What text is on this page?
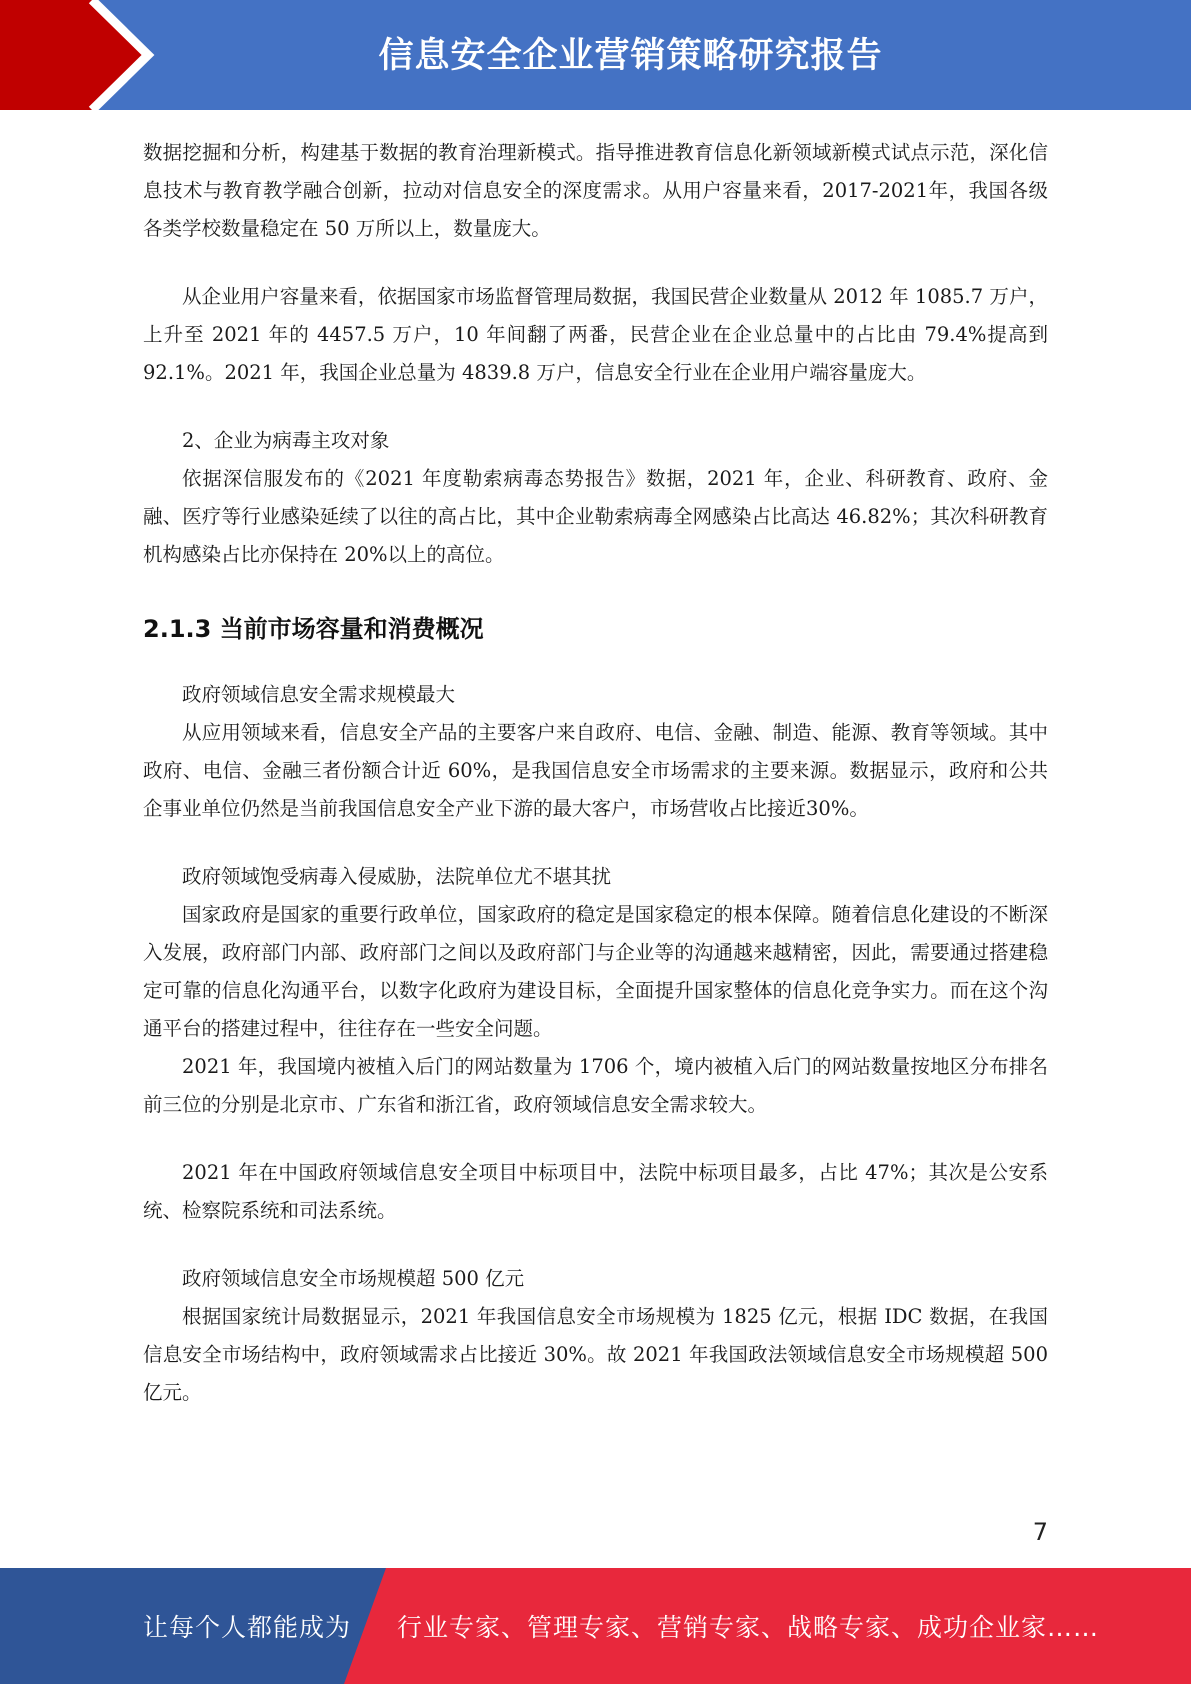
信息安全企业营销策略研究报告

数据挖掘和分析，构建基于数据的教育治理新模式。指导推进教育信息化新领域新模式试点示范，深化信息技术与教育教学融合创新，拉动对信息安全的深度需求。从用户容量来看，2017-2021年，我国各级各类学校数量稳定在 50 万所以上，数量庞大。

从企业用户容量来看，依据国家市场监督管理局数据，我国民营企业数量从 2012 年 1085.7 万户，上升至 2021 年的 4457.5 万户，10 年间翻了两番，民营企业在企业总量中的占比由 79.4%提高到 92.1%。2021 年，我国企业总量为 4839.8 万户，信息安全行业在企业用户端容量庞大。

2、企业为病毒主攻对象

依据深信服发布的《2021 年度勒索病毒态势报告》数据，2021 年，企业、科研教育、政府、金融、医疗等行业感染延续了以往的高占比，其中企业勒索病毒全网感染占比高达 46.82%；其次科研教育机构感染占比亦保持在 20%以上的高位。

2.1.3 当前市场容量和消费概况

政府领域信息安全需求规模最大

从应用领域来看，信息安全产品的主要客户来自政府、电信、金融、制造、能源、教育等领域。其中政府、电信、金融三者份额合计近 60%，是我国信息安全市场需求的主要来源。数据显示，政府和公共企事业单位仍然是当前我国信息安全产业下游的最大客户，市场营收占比接近30%。

政府领域饱受病毒入侵威胁，法院单位尤不堪其扰

国家政府是国家的重要行政单位，国家政府的稳定是国家稳定的根本保障。随着信息化建设的不断深入发展，政府部门内部、政府部门之间以及政府部门与企业等的沟通越来越精密，因此，需要通过搭建稳定可靠的信息化沟通平台，以数字化政府为建设目标，全面提升国家整体的信息化竞争实力。而在这个沟通平台的搭建过程中，往往存在一些安全问题。

2021 年，我国境内被植入后门的网站数量为 1706 个，境内被植入后门的网站数量按地区分布排名前三位的分别是北京市、广东省和浙江省，政府领域信息安全需求较大。

2021 年在中国政府领域信息安全项目中标项目中，法院中标项目最多，占比 47%；其次是公安系统、检察院系统和司法系统。

政府领域信息安全市场规模超 500 亿元

根据国家统计局数据显示，2021 年我国信息安全市场规模为 1825 亿元，根据 IDC 数据，在我国信息安全市场结构中，政府领域需求占比接近 30%。故 2021 年我国政法领域信息安全市场规模超 500 亿元。

7
让每个人都能成为 行业专家、管理专家、营销专家、战略专家、成功企业家……
